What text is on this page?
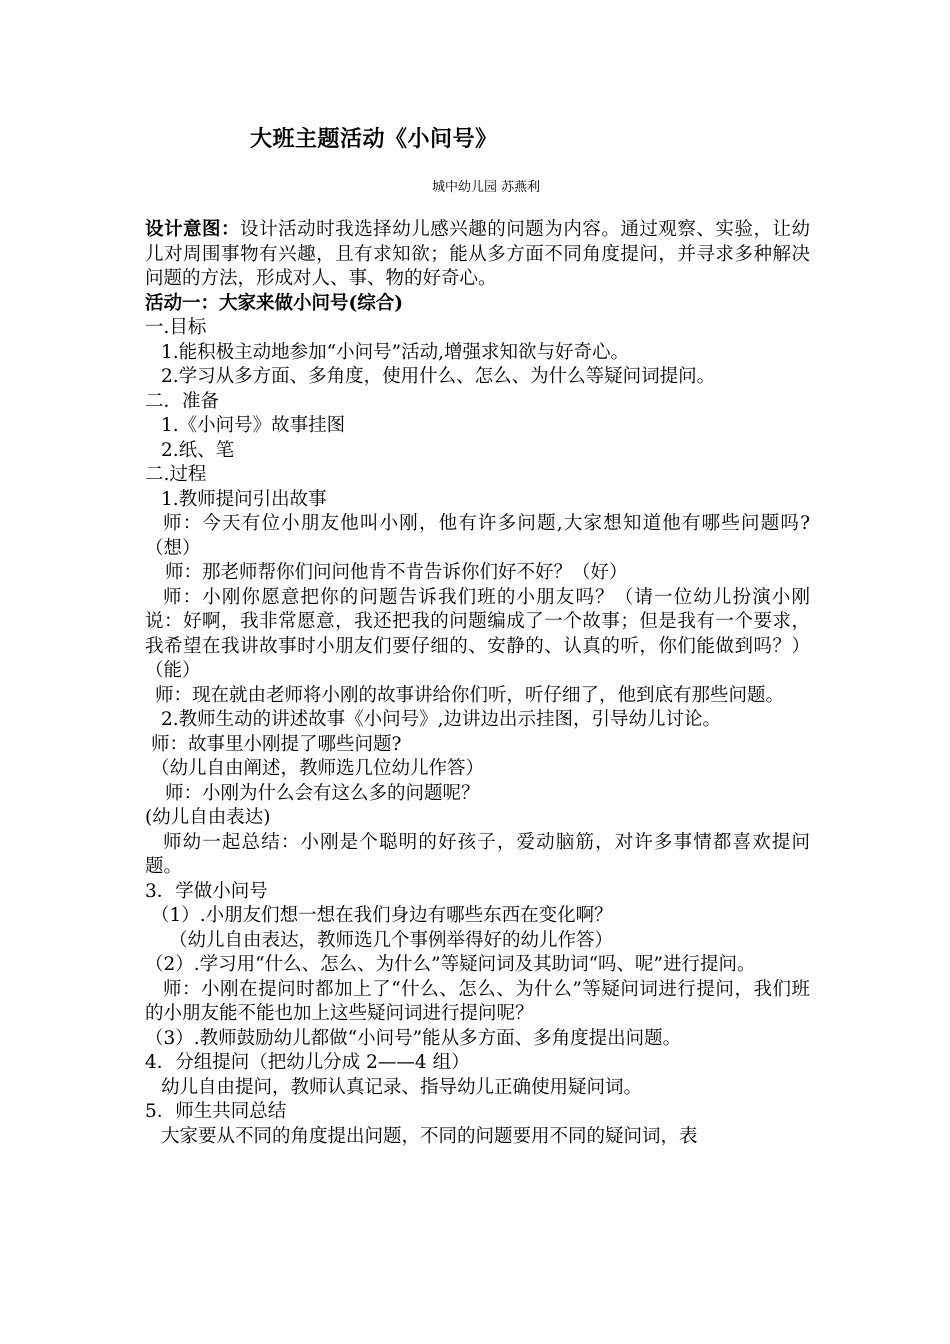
大班主题活动《小问号》
城中幼儿园 苏燕利

设计意图：设计活动时我选择幼儿感兴趣的问题为内容。通过观察、实验，让幼儿对周围事物有兴趣，且有求知欲；能从多方面不同角度提问，并寻求多种解决问题的方法，形成对人、事、物的好奇心。

活动一：大家来做小问号(综合)

一.目标

1.能积极主动地参加“小问号”活动,增强求知欲与好奇心。

2.学习从多方面、多角度，使用什么、怎么、为什么等疑问词提问。

二．准备

1.《小问号》故事挂图

2.纸、笔

二.过程

1.教师提问引出故事

师：今天有位小朋友他叫小刚，他有许多问题,大家想知道他有哪些问题吗?（想）

师：那老师帮你们问问他肯不肯告诉你们好不好？（好）

师：小刚你愿意把你的问题告诉我们班的小朋友吗？（请一位幼儿扮演小刚说：好啊，我非常愿意，我还把我的问题编成了一个故事；但是我有一个要求，我希望在我讲故事时小朋友们要仔细的、安静的、认真的听，你们能做到吗？）（能）

师：现在就由老师将小刚的故事讲给你们听，听仔细了，他到底有那些问题。

2.教师生动的讲述故事《小问号》,边讲边出示挂图，引导幼儿讨论。

师：故事里小刚提了哪些问题?

（幼儿自由阐述，教师选几位幼儿作答）

师：小刚为什么会有这么多的问题呢？

(幼儿自由表达)

师幼一起总结：小刚是个聪明的好孩子，爱动脑筋，对许多事情都喜欢提问题。

3．学做小问号

（1）.小朋友们想一想在我们身边有哪些东西在变化啊？

（幼儿自由表达，教师选几个事例举得好的幼儿作答）

（2）.学习用“什么、怎么、为什么”等疑问词及其助词“吗、呢”进行提问。

师：小刚在提问时都加上了“什么、怎么、为什么”等疑问词进行提问，我们班的小朋友能不能也加上这些疑问词进行提问呢？

（3）.教师鼓励幼儿都做“小问号”能从多方面、多角度提出问题。

4．分组提问（把幼儿分成 2——4 组）

幼儿自由提问，教师认真记录、指导幼儿正确使用疑问词。

5．师生共同总结

大家要从不同的角度提出问题，不同的问题要用不同的疑问词，表
